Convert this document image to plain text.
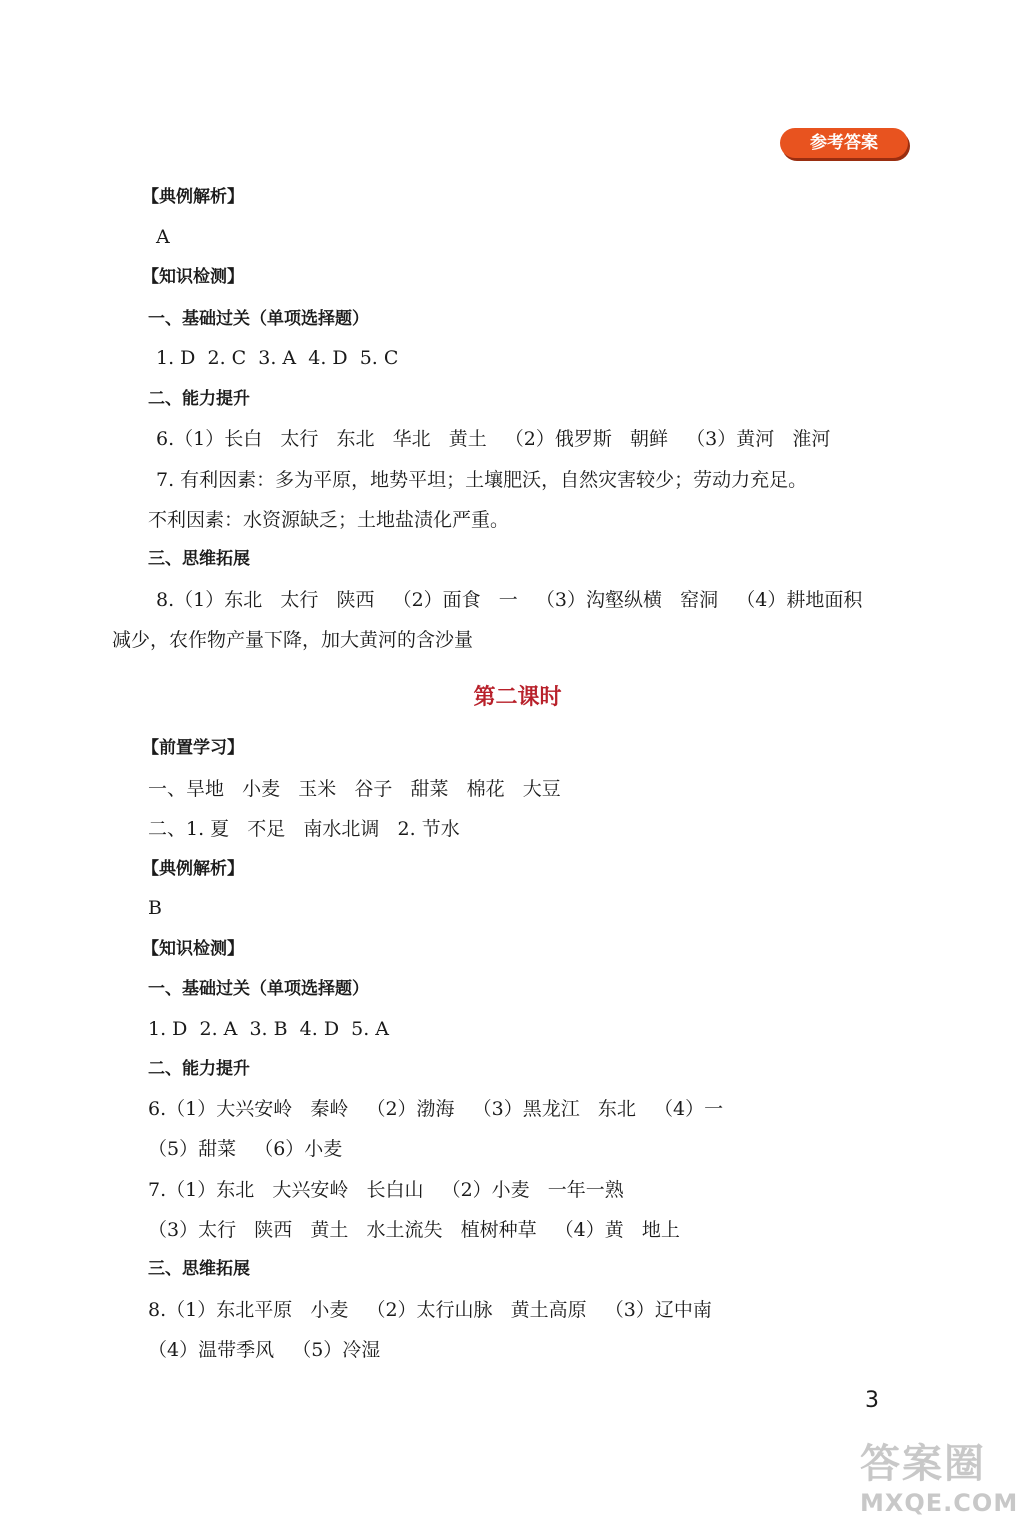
参考答案
【典例解析】
A
【知识检测】
一、基础过关（单项选择题）
1. D  2. C  3. A  4. D  5. C
二、能力提升
6.（1）长白   太行   东北   华北   黄土   （2）俄罗斯   朝鲜   （3）黄河   淮河
7. 有利因素：多为平原，地势平坦；土壤肥沃，自然灾害较少；劳动力充足。
不利因素：水资源缺乏；土地盐渍化严重。
三、思维拓展
8.（1）东北   太行   陕西   （2）面食   一   （3）沟壑纵横   窑洞   （4）耕地面积
减少，农作物产量下降，加大黄河的含沙量
第二课时
【前置学习】
一、旱地   小麦   玉米   谷子   甜菜   棉花   大豆
二、1. 夏   不足   南水北调   2. 节水
【典例解析】
B
【知识检测】
一、基础过关（单项选择题）
1. D  2. A  3. B  4. D  5. A
二、能力提升
6.（1）大兴安岭   秦岭   （2）渤海   （3）黑龙江   东北   （4）一
（5）甜菜   （6）小麦
7.（1）东北   大兴安岭   长白山   （2）小麦   一年一熟
（3）太行   陕西   黄土   水土流失   植树种草   （4）黄   地上
三、思维拓展
8.（1）东北平原   小麦   （2）太行山脉   黄土高原   （3）辽中南
（4）温带季风   （5）冷湿
3
答案圈
MXQE.COM
